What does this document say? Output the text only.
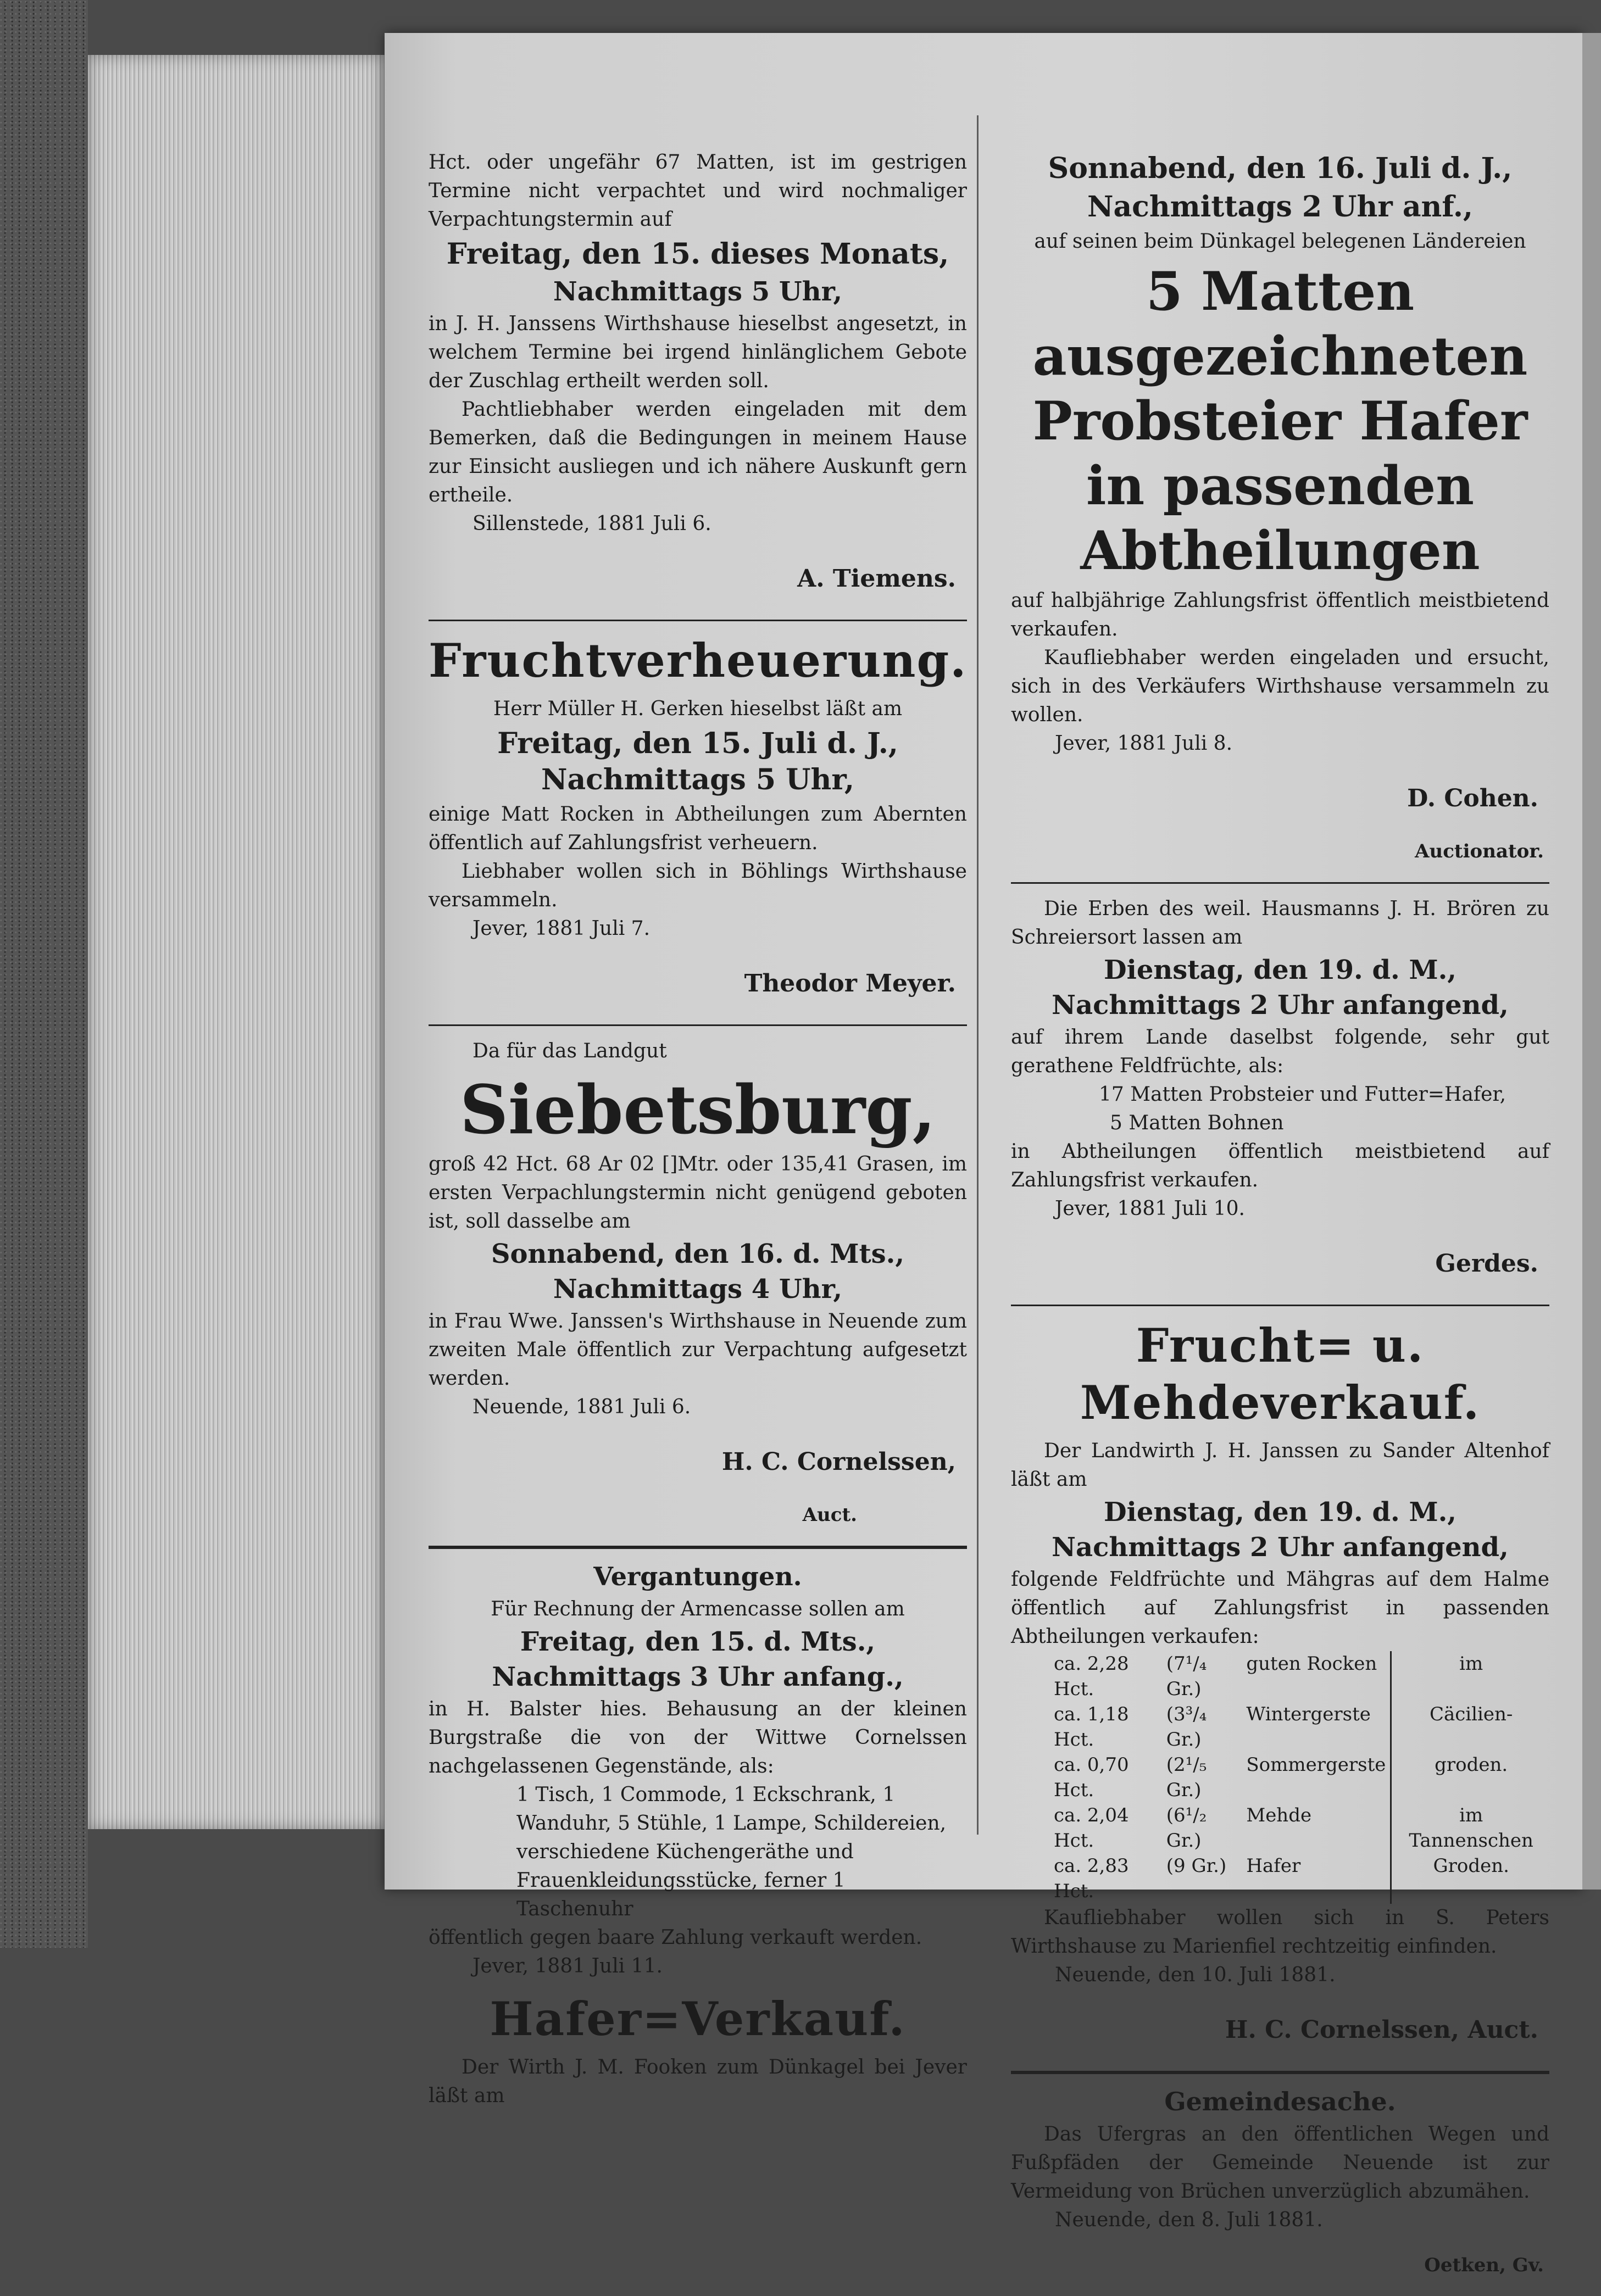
Hct. oder ungefähr 67 Matten, ist im gestrigen Termine nicht verpachtet und wird nochmaliger Verpachtungstermin auf

Freitag, den 15. dieses Monats,

Nachmittags 5 Uhr,

in J. H. Janssens Wirthshause hieselbst angesetzt, in welchem Termine bei irgend hinlänglichem Gebote der Zuschlag ertheilt werden soll.

Pachtliebhaber werden eingeladen mit dem Bemerken, daß die Bedingungen in meinem Hause zur Einsicht ausliegen und ich nähere Auskunft gern ertheile.

Sillenstede, 1881 Juli 6.

A. Tiemens.

Fruchtverheuerung.

Herr Müller H. Gerken hieselbst läßt am

Freitag, den 15. Juli d. J., Nachmittags 5 Uhr,

einige Matt Rocken in Abtheilungen zum Abernten öffentlich auf Zahlungsfrist verheuern.

Liebhaber wollen sich in Böhlings Wirthshause versammeln.

Jever, 1881 Juli 7.

Theodor Meyer.

Da für das Landgut

Siebetsburg,

groß 42 Hct. 68 Ar 02 []Mtr. oder 135,41 Grasen, im ersten Verpachlungstermin nicht genügend geboten ist, soll dasselbe am

Sonnabend, den 16. d. Mts.,

Nachmittags 4 Uhr,

in Frau Wwe. Janssen's Wirthshause in Neuende zum zweiten Male öffentlich zur Verpachtung aufgesetzt werden.

Neuende, 1881 Juli 6.

H. C. Cornelssen,

Auct.

Vergantungen.

Für Rechnung der Armencasse sollen am

Freitag, den 15. d. Mts.,

Nachmittags 3 Uhr anfang.,

in H. Balster hies. Behausung an der kleinen Burgstraße die von der Wittwe Cornelssen nachgelassenen Gegenstände, als:

1 Tisch, 1 Commode, 1 Eckschrank, 1 Wanduhr, 5 Stühle, 1 Lampe, Schildereien, verschiedene Küchengeräthe und Frauenkleidungsstücke, ferner 1 Taschenuhr

öffentlich gegen baare Zahlung verkauft werden.

Jever, 1881 Juli 11.

Hafer=Verkauf.

Der Wirth J. M. Fooken zum Dünkagel bei Jever läßt am

Sonnabend, den 16. Juli d. J.,

Nachmittags 2 Uhr anf.,

auf seinen beim Dünkagel belegenen Ländereien

5 Matten ausgezeichneten Probsteier Hafer in passenden Abtheilungen

auf halbjährige Zahlungsfrist öffentlich meistbietend verkaufen.

Kaufliebhaber werden eingeladen und ersucht, sich in des Verkäufers Wirthshause versammeln zu wollen.

Jever, 1881 Juli 8.

D. Cohen.

Auctionator.

Die Erben des weil. Hausmanns J. H. Brören zu Schreiersort lassen am

Dienstag, den 19. d. M.,

Nachmittags 2 Uhr anfangend,

auf ihrem Lande daselbst folgende, sehr gut gerathene Feldfrüchte, als:

17 Matten Probsteier und Futter=Hafer,

5 Matten Bohnen

in Abtheilungen öffentlich meistbietend auf Zahlungsfrist verkaufen.

Jever, 1881 Juli 10.

Gerdes.

Frucht= u. Mehdeverkauf.

Der Landwirth J. H. Janssen zu Sander Altenhof läßt am

Dienstag, den 19. d. M.,

Nachmittags 2 Uhr anfangend,

folgende Feldfrüchte und Mähgras auf dem Halme öffentlich auf Zahlungsfrist in passenden Abtheilungen verkaufen:

ca. 2,28 Hct.	(7¹/₄ Gr.)	guten Rocken	im
ca. 1,18 Hct.	(3³/₄ Gr.)	Wintergerste	Cäcilien-
ca. 0,70 Hct.	(2¹/₅ Gr.)	Sommergerste	groden.
ca. 2,04 Hct.	(6¹/₂ Gr.)	Mehde	im Tannenschen
ca. 2,83 Hct.	(9 Gr.)	Hafer	Groden.

Kaufliebhaber wollen sich in S. Peters Wirthshause zu Marienfiel rechtzeitig einfinden.

Neuende, den 10. Juli 1881.

H. C. Cornelssen, Auct.

Gemeindesache.

Das Ufergras an den öffentlichen Wegen und Fußpfäden der Gemeinde Neuende ist zur Vermeidung von Brüchen unverzüglich abzumähen.

Neuende, den 8. Juli 1881.

Oetken, Gv.
